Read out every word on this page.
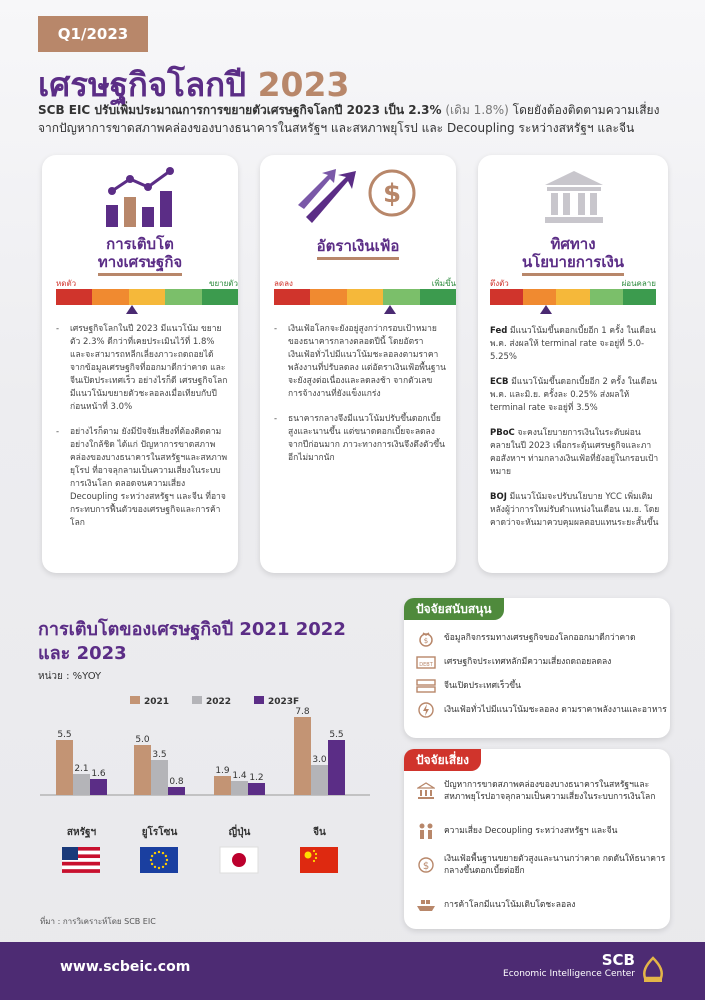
Q1/2023
เศรษฐกิจโลกปี 2023
SCB EIC ปรับเพิ่มประมาณการการขยายตัวเศรษฐกิจโลกปี 2023 เป็น 2.3% (เดิม 1.8%) โดยยังต้องติดตามความเสี่ยงจากปัญหาการขาดสภาพคล่องของบางธนาคารในสหรัฐฯ และสหภาพยุโรป และ Decoupling ระหว่างสหรัฐฯ และจีน
การเติบโต
ทางเศรษฐกิจ
หดตัว	ขยายตัว
- เศรษฐกิจโลกในปี 2023 มีแนวโน้ม ขยายตัว 2.3% ดีกว่าที่เคยประเมินไว้ที่ 1.8% และจะสามารถหลีกเลี่ยงภาวะถดถอยได้ จากข้อมูลเศรษฐกิจที่ออกมาดีกว่าคาด และจีนเปิดประเทศเร็ว อย่างไรก็ดี เศรษฐกิจโลกมีแนวโน้มขยายตัวชะลอลงเมื่อเทียบกับปีก่อนหน้าที่ 3.0%
- อย่างไรก็ตาม ยังมีปัจจัยเสี่ยงที่ต้องติดตามอย่างใกล้ชิด ได้แก่ ปัญหาการขาดสภาพคล่องของบางธนาคารในสหรัฐฯและสหภาพยุโรป ที่อาจลุกลามเป็นความเสี่ยงในระบบการเงินโลก ตลอดจนความเสี่ยง Decoupling ระหว่างสหรัฐฯ และจีน ที่อาจกระทบการฟื้นตัวของเศรษฐกิจและการค้าโลก
$
อัตราเงินเฟ้อ
ลดลง	เพิ่มขึ้น
- เงินเฟ้อโลกจะยังอยู่สูงกว่ากรอบเป้าหมายของธนาคารกลางตลอดปีนี้ โดยอัตราเงินเฟ้อทั่วไปมีแนวโน้มชะลอลงตามราคาพลังงานที่ปรับลดลง แต่อัตราเงินเฟ้อพื้นฐานจะยังสูงต่อเนื่องและลดลงช้า จากตัวเลขการจ้างงานที่ยังแข็งแกร่ง
- ธนาคารกลางจึงมีแนวโน้มปรับขึ้นดอกเบี้ยสูงและนานขึ้น แต่ขนาดดอกเบี้ยจะลดลงจากปีก่อนมาก ภาวะทางการเงินจึงตึงตัวขึ้นอีกไม่มากนัก
ทิศทาง
นโยบายการเงิน
ตึงตัว	ผ่อนคลาย
Fed มีแนวโน้มขึ้นดอกเบี้ยอีก 1 ครั้ง ในเดือน พ.ค. ส่งผลให้ terminal rate จะอยู่ที่ 5.0-5.25%
ECB มีแนวโน้มขึ้นดอกเบี้ยอีก 2 ครั้ง ในเดือน พ.ค. และมิ.ย. ครั้งละ 0.25% ส่งผลให้ terminal rate จะอยู่ที่ 3.5%
PBoC จะคงนโยบายการเงินในระดับผ่อนคลายในปี 2023 เพื่อกระตุ้นเศรษฐกิจและภาคอสังหาฯ ท่ามกลางเงินเฟ้อที่ยังอยู่ในกรอบเป้าหมาย
BOJ มีแนวโน้มจะปรับนโยบาย YCC เพิ่มเติมหลังผู้ว่าการใหม่รับตำแหน่งในเดือน เม.ย. โดยคาดว่าจะหันมาควบคุมผลตอบแทนระยะสั้นขึ้น
การเติบโตของเศรษฐกิจปี 2021 2022 และ 2023
หน่วย : %YOY
2021	2022	2023F
5.5
2.1 1.6
สหรัฐฯ
5.0
3.5
0.8
ยูโรโซน
1.9 1.4 1.2
ญี่ปุ่น
7.8
3.0
5.5
จีน
ปัจจัยสนับสนุน
$ ข้อมูลกิจกรรมทางเศรษฐกิจของโลกออกมาดีกว่าคาด
DEBT เศรษฐกิจประเทศหลักมีความเสี่ยงถดถอยลดลง
จีนเปิดประเทศเร็วขึ้น
เงินเฟ้อทั่วไปมีแนวโน้มชะลอลง ตามราคาพลังงานและอาหาร
ปัจจัยเสี่ยง
ปัญหาการขาดสภาพคล่องของบางธนาคารในสหรัฐฯและสหภาพยุโรปอาจลุกลามเป็นความเสี่ยงในระบบการเงินโลก
ความเสี่ยง Decoupling ระหว่างสหรัฐฯ และจีน
$
เงินเฟ้อพื้นฐานขยายตัวสูงและนานกว่าคาด กดดันให้ธนาคารกลางขึ้นดอกเบี้ยต่อยีก
การค้าโลกมีแนวโน้มเติบโตชะลอลง
ที่มา : การวิเคราะห์โดย SCB EIC
www.scbeic.com	SCB
Economic Intelligence Center
